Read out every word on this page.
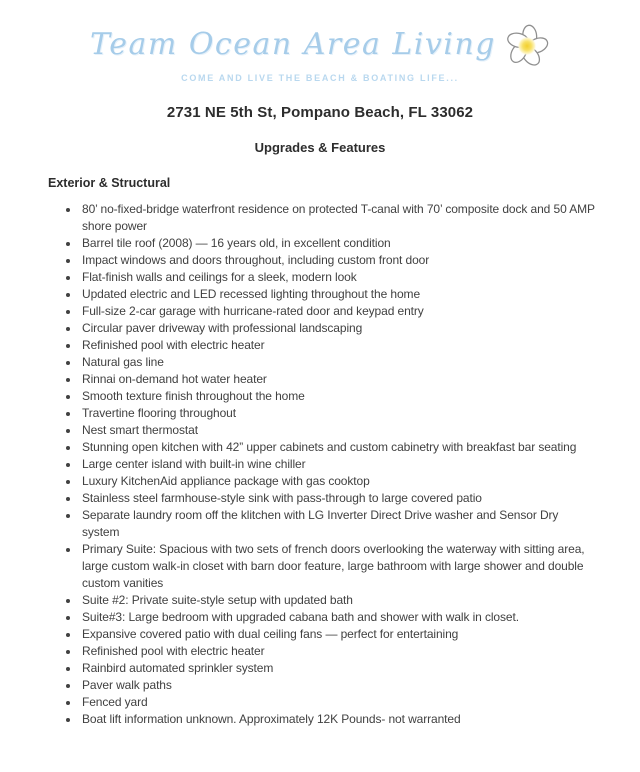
Team Ocean Area Living
COME AND LIVE THE BEACH & BOATING LIFE...
2731 NE 5th St, Pompano Beach, FL 33062
Upgrades & Features
Exterior & Structural
• 80’ no-fixed-bridge waterfront residence on protected T-canal with 70’ composite dock and 50 AMP shore power
• Barrel tile roof (2008) — 16 years old, in excellent condition
• Impact windows and doors throughout, including custom front door
• Flat-finish walls and ceilings for a sleek, modern look
• Updated electric and LED recessed lighting throughout the home
• Full-size 2-car garage with hurricane-rated door and keypad entry
• Circular paver driveway with professional landscaping
• Refinished pool with electric heater
• Natural gas line
• Rinnai on-demand hot water heater
• Smooth texture finish throughout the home
• Travertine flooring throughout
• Nest smart thermostat
• Stunning open kitchen with 42” upper cabinets and custom cabinetry with breakfast bar seating
• Large center island with built-in wine chiller
• Luxury KitchenAid appliance package with gas cooktop
• Stainless steel farmhouse-style sink with pass-through to large covered patio
• Separate laundry room off the klitchen with LG Inverter Direct Drive washer and Sensor Dry system
• Primary Suite: Spacious with two sets of french doors overlooking the waterway with sitting area, large custom walk-in closet with barn door feature, large bathroom with large shower and double custom vanities
• Suite #2: Private suite-style setup with updated bath
• Suite#3: Large bedroom with upgraded cabana bath and shower with walk in closet.
• Expansive covered patio with dual ceiling fans — perfect for entertaining
• Refinished pool with electric heater
• Rainbird automated sprinkler system
• Paver walk paths
• Fenced yard
• Boat lift information unknown. Approximately 12K Pounds- not warranted
